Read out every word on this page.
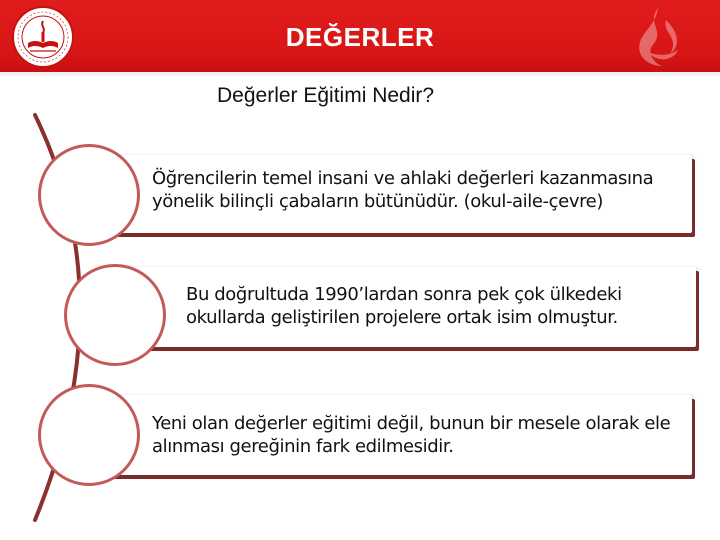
DEĞERLER
Değerler Eğitimi Nedir?
Öğrencilerin temel insani ve ahlaki değerleri kazanmasına yönelik bilinçli çabaların bütünüdür. (okul-aile-çevre)
Bu doğrultuda 1990’lardan sonra pek çok ülkedeki okullarda geliştirilen projelere ortak isim olmuştur.
Yeni olan değerler eğitimi değil, bunun bir mesele olarak ele alınması gereğinin fark edilmesidir.
